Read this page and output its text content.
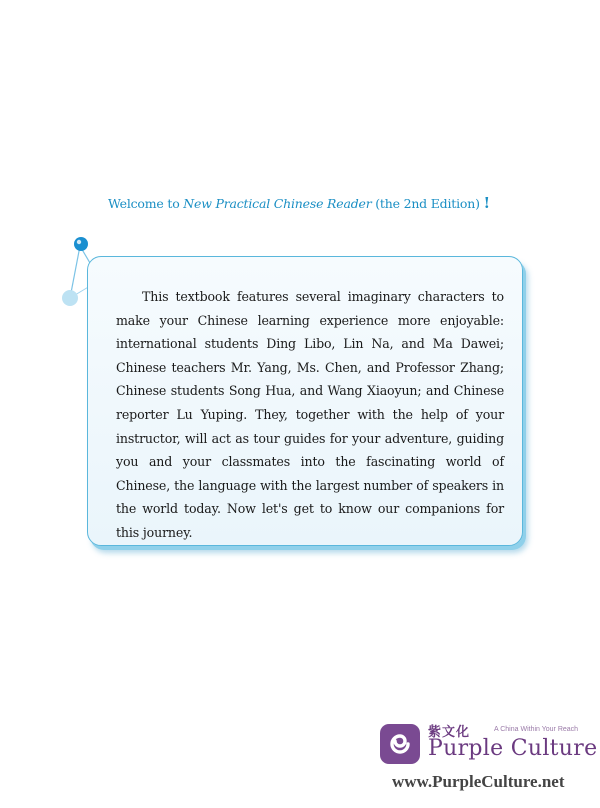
Welcome to New Practical Chinese Reader (the 2nd Edition) !

This textbook features several imaginary characters to make your Chinese learning experience more enjoyable: international students Ding Libo, Lin Na, and Ma Dawei; Chinese teachers Mr. Yang, Ms. Chen, and Professor Zhang; Chinese students Song Hua, and Wang Xiaoyun; and Chinese reporter Lu Yuping. They, together with the help of your instructor, will act as tour guides for your adventure, guiding you and your classmates into the fascinating world of Chinese, the language with the largest number of speakers in the world today. Now let's get to know our companions for this journey.

紫文化	A China Within Your Reach
Purple Culture
www.PurpleCulture.net
